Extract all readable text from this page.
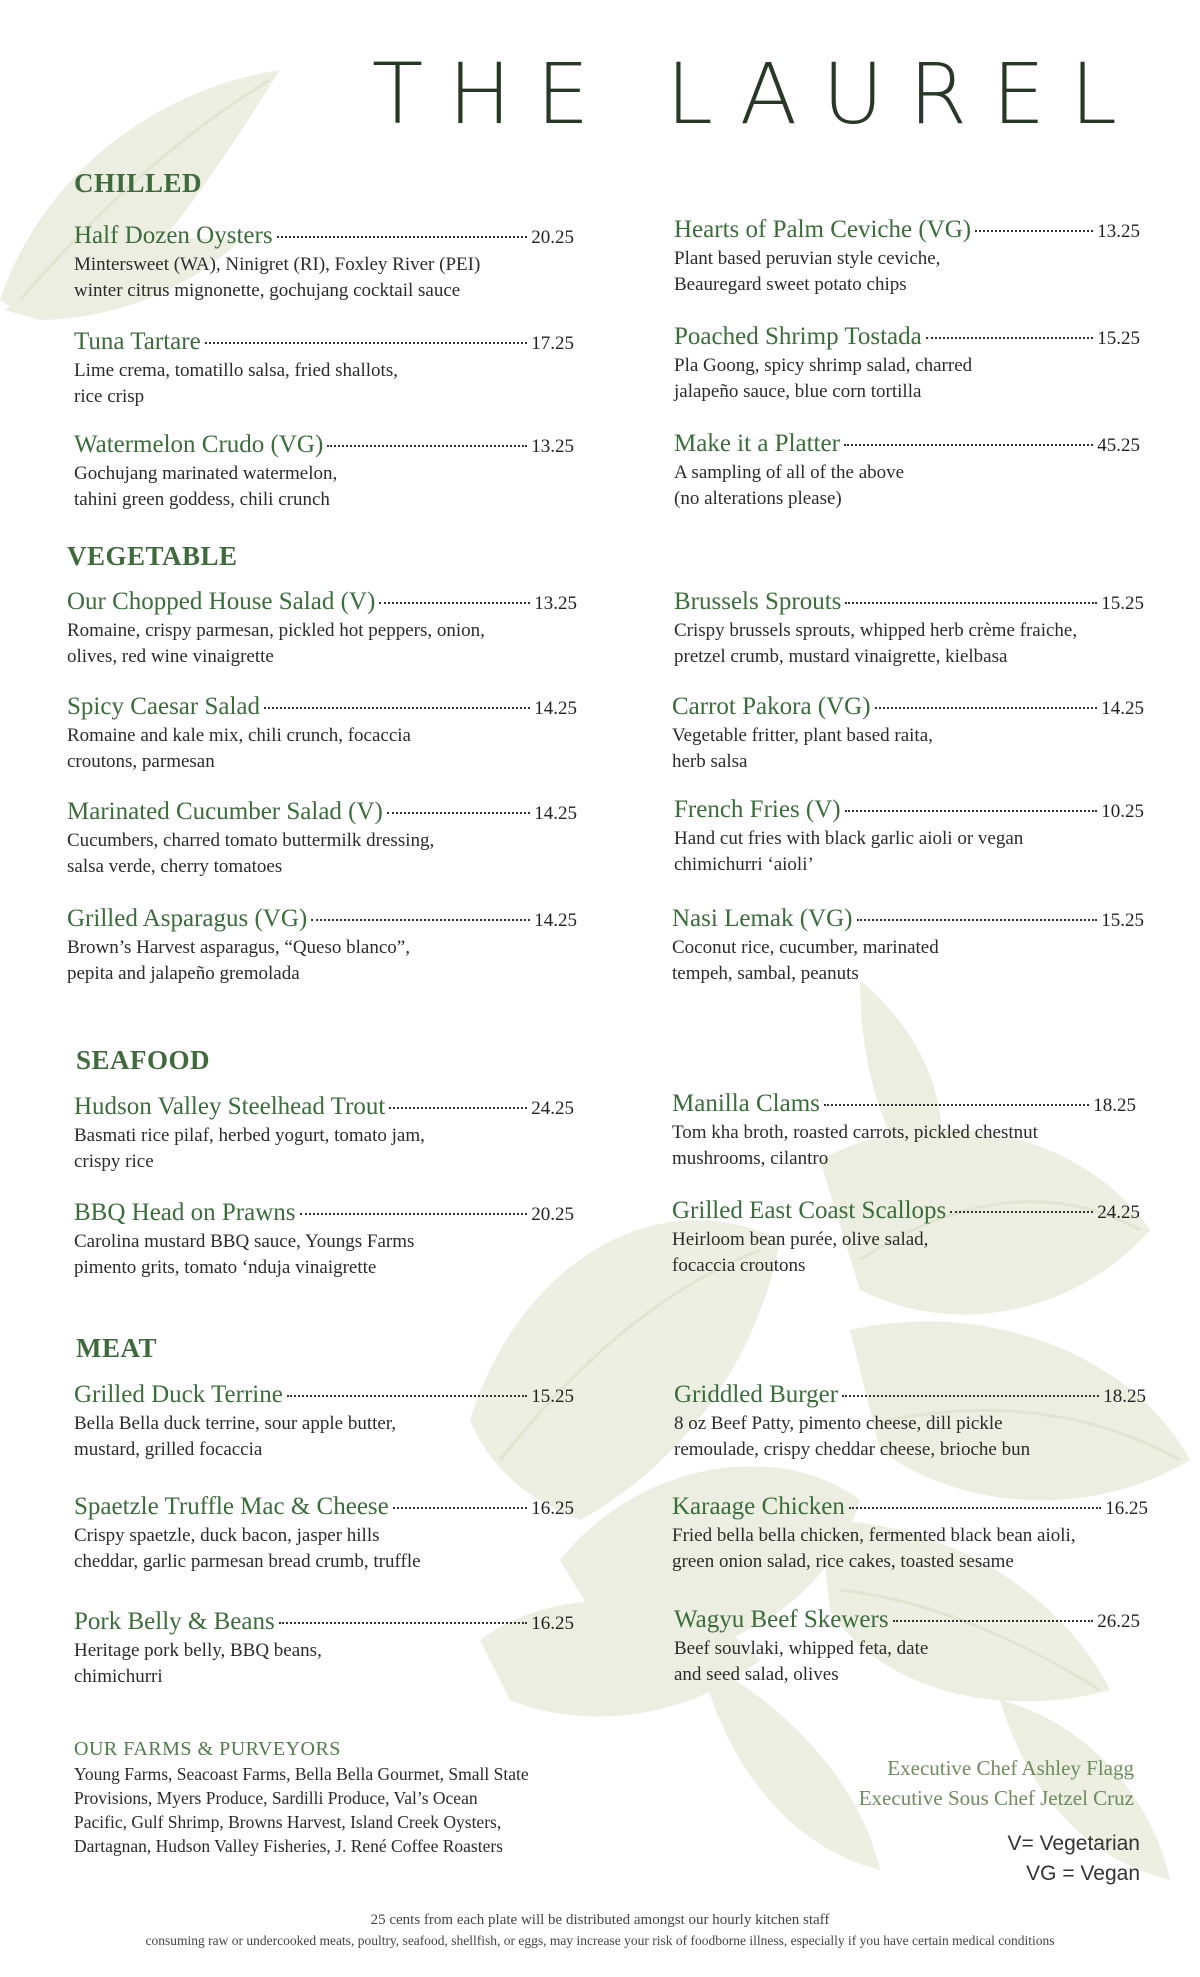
THE LAUREL
CHILLED
VEGETABLE
SEAFOOD
MEAT
Half Dozen Oysters	20.25
Mintersweet (WA), Ninigret (RI), Foxley River (PEI)
winter citrus mignonette, gochujang cocktail sauce
Tuna Tartare	17.25
Lime crema, tomatillo salsa, fried shallots,
rice crisp
Watermelon Crudo (VG)	13.25
Gochujang marinated watermelon,
tahini green goddess, chili crunch
Hearts of Palm Ceviche (VG)	13.25
Plant based peruvian style ceviche,
Beauregard sweet potato chips
Poached Shrimp Tostada	15.25
Pla Goong, spicy shrimp salad, charred
jalapeño sauce, blue corn tortilla
Make it a Platter	45.25
A sampling of all of the above
(no alterations please)
Our Chopped House Salad (V)	13.25
Romaine, crispy parmesan, pickled hot peppers, onion,
olives, red wine vinaigrette
Spicy Caesar Salad	14.25
Romaine and kale mix, chili crunch, focaccia
croutons, parmesan
Marinated Cucumber Salad (V)	14.25
Cucumbers, charred tomato buttermilk dressing,
salsa verde, cherry tomatoes
Grilled Asparagus (VG)	14.25
Brown’s Harvest asparagus, “Queso blanco”,
pepita and jalapeño gremolada
Brussels Sprouts	15.25
Crispy brussels sprouts, whipped herb crème fraiche,
pretzel crumb, mustard vinaigrette, kielbasa
Carrot Pakora (VG)	14.25
Vegetable fritter, plant based raita,
herb salsa
French Fries (V)	10.25
Hand cut fries with black garlic aioli or vegan
chimichurri ‘aioli’
Nasi Lemak (VG)	15.25
Coconut rice, cucumber, marinated
tempeh, sambal, peanuts
Hudson Valley Steelhead Trout	24.25
Basmati rice pilaf, herbed yogurt, tomato jam,
crispy rice
BBQ Head on Prawns	20.25
Carolina mustard BBQ sauce, Youngs Farms
pimento grits, tomato ‘nduja vinaigrette
Manilla Clams	18.25
Tom kha broth, roasted carrots, pickled chestnut
mushrooms, cilantro
Grilled East Coast Scallops	24.25
Heirloom bean purée, olive salad,
focaccia croutons
Grilled Duck Terrine	15.25
Bella Bella duck terrine, sour apple butter,
mustard, grilled focaccia
Spaetzle Truffle Mac & Cheese	16.25
Crispy spaetzle, duck bacon, jasper hills
cheddar, garlic parmesan bread crumb, truffle
Pork Belly & Beans	16.25
Heritage pork belly, BBQ beans,
chimichurri
Griddled Burger	18.25
8 oz Beef Patty, pimento cheese, dill pickle
remoulade, crispy cheddar cheese, brioche bun
Karaage Chicken	16.25
Fried bella bella chicken, fermented black bean aioli,
green onion salad, rice cakes, toasted sesame
Wagyu Beef Skewers	26.25
Beef souvlaki, whipped feta, date
and seed salad, olives
OUR FARMS & PURVEYORS
Young Farms, Seacoast Farms, Bella Bella Gourmet, Small State
Provisions, Myers Produce, Sardilli Produce, Val’s Ocean
Pacific, Gulf Shrimp, Browns Harvest, Island Creek Oysters,
Dartagnan, Hudson Valley Fisheries, J. René Coffee Roasters
Executive Chef Ashley Flagg
Executive Sous Chef Jetzel Cruz
V= Vegetarian
VG = Vegan
25 cents from each plate will be distributed amongst our hourly kitchen staff
consuming raw or undercooked meats, poultry, seafood, shellfish, or eggs, may increase your risk of foodborne illness, especially if you have certain medical conditions
